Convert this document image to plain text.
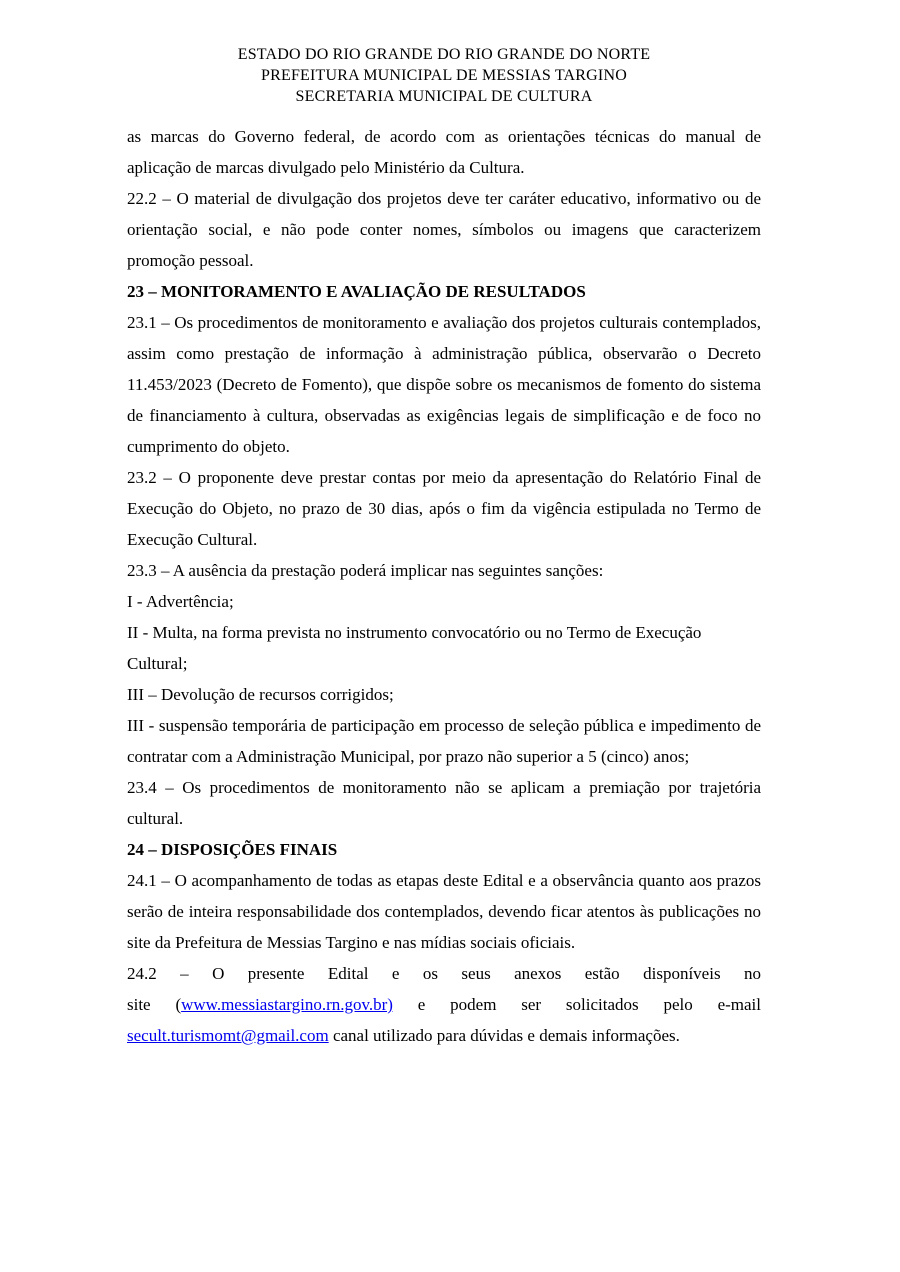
ESTADO DO RIO GRANDE DO RIO GRANDE DO NORTE
PREFEITURA MUNICIPAL DE MESSIAS TARGINO
SECRETARIA MUNICIPAL DE CULTURA

as marcas do Governo federal, de acordo com as orientações técnicas do manual de aplicação de marcas divulgado pelo Ministério da Cultura.

22.2 – O material de divulgação dos projetos deve ter caráter educativo, informativo ou de orientação social, e não pode conter nomes, símbolos ou imagens que caracterizem promoção pessoal.

23 – MONITORAMENTO E AVALIAÇÃO DE RESULTADOS

23.1 – Os procedimentos de monitoramento e avaliação dos projetos culturais contemplados, assim como prestação de informação à administração pública, observarão o Decreto 11.453/2023 (Decreto de Fomento), que dispõe sobre os mecanismos de fomento do sistema de financiamento à cultura, observadas as exigências legais de simplificação e de foco no cumprimento do objeto.

23.2 – O proponente deve prestar contas por meio da apresentação do Relatório Final de Execução do Objeto, no prazo de 30 dias, após o fim da vigência estipulada no Termo de Execução Cultural.

23.3 – A ausência da prestação poderá implicar nas seguintes sanções:

I - Advertência;

II - Multa, na forma prevista no instrumento convocatório ou no Termo de Execução Cultural;

III – Devolução de recursos corrigidos;

III - suspensão temporária de participação em processo de seleção pública e impedimento de contratar com a Administração Municipal, por prazo não superior a 5 (cinco) anos;

23.4 – Os procedimentos de monitoramento não se aplicam a premiação por trajetória cultural.

24 – DISPOSIÇÕES FINAIS

24.1 – O acompanhamento de todas as etapas deste Edital e a observância quanto aos prazos serão de inteira responsabilidade dos contemplados, devendo ficar atentos às publicações no site da Prefeitura de Messias Targino e nas mídias sociais oficiais.

24.2 – O presente Edital e os seus anexos estão disponíveis no site (www.messiastargino.rn.gov.br) e podem ser solicitados pelo e-mail secult.turismomt@gmail.com canal utilizado para dúvidas e demais informações.
